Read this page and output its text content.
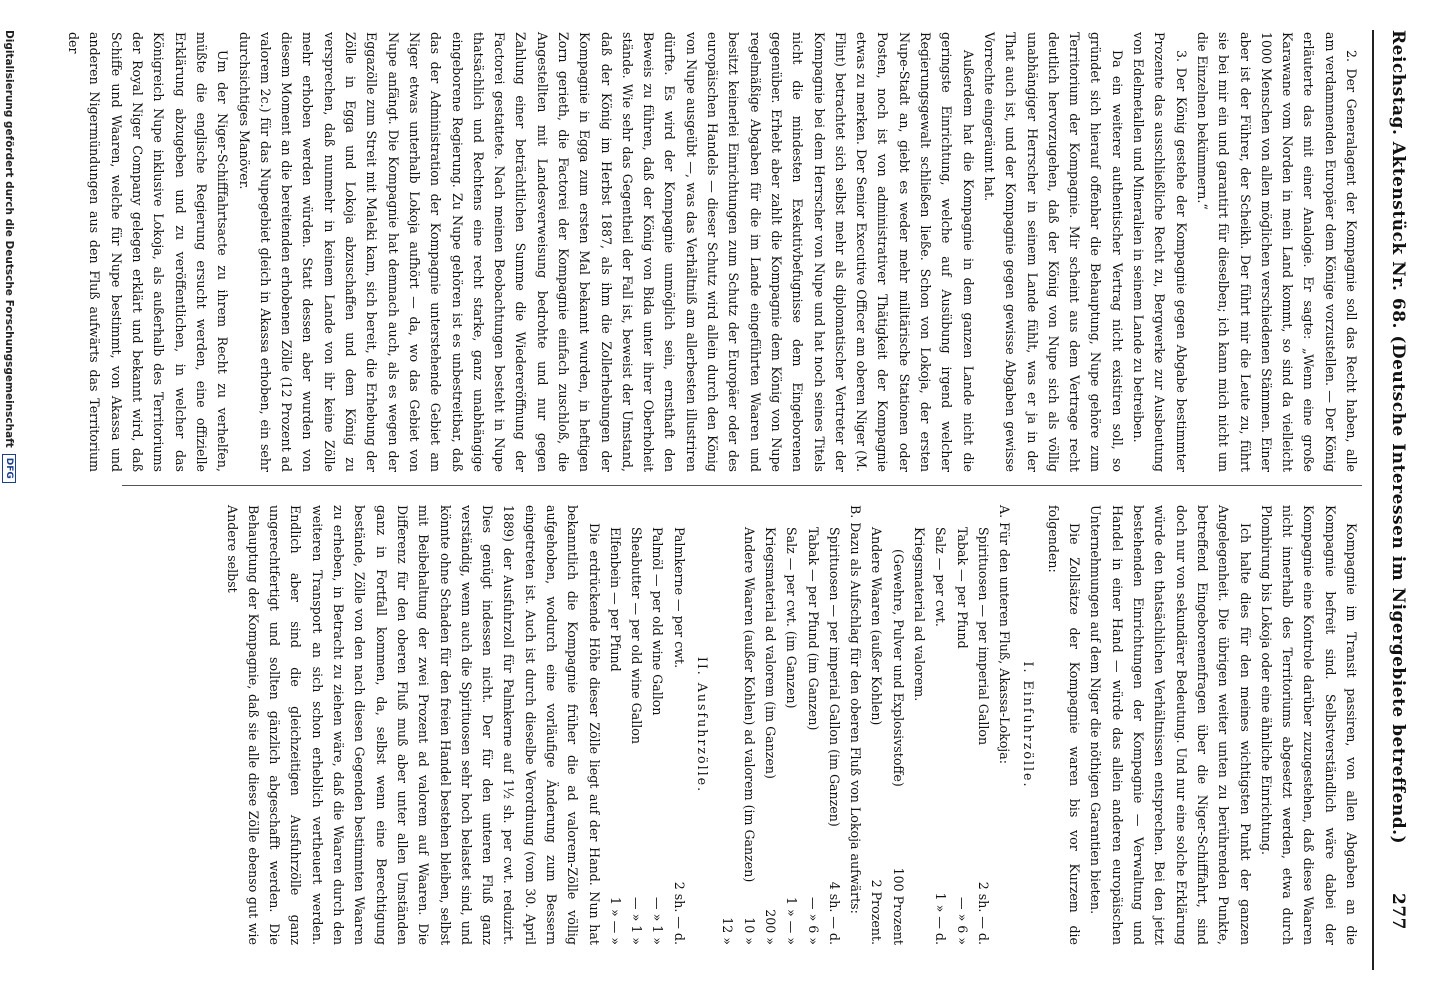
Reichstag. Aktenstück Nr. 68. (Deutsche Interessen im Nigergebiete betreffend.)
277

2. Der Generalagent der Kompagnie soll das Recht haben, alle am verdammenden Europäer dem Könige vorzustellen. — Der König erläuterte das mit einer Analogie. Er sagte: „Wenn eine große Karawane vom Norden in mein Land kommt, so sind da vielleicht 1000 Menschen von allen möglichen verschiedenen Stämmen. Einer aber ist der Führer, der Scheikh. Der führt mir die Leute zu, führt sie bei mir ein und garantirt für dieselben; ich kann mich nicht um die Einzelnen bekümmern.“

3. Der König gestehe der Kompagnie gegen Abgabe bestimmter Prozente das ausschließliche Recht zu, Bergwerke zur Ausbeutung von Edelmetallen und Mineralien in seinem Lande zu betreiben.

Da ein weiterer authentischer Vertrag nicht existiren soll, so gründet sich hierauf offenbar die Behauptung, Nupe gehöre zum Territorium der Kompagnie. Mir scheint aus dem Vertrage recht deutlich hervorzugehen, daß der König von Nupe sich als völlig unabhängiger Herrscher in seinem Lande fühlt, was er ja in der That auch ist, und der Kompagnie gegen gewisse Abgaben gewisse Vorrechte eingeräumt hat.

Außerdem hat die Kompagnie in dem ganzen Lande nicht die geringste Einrichtung, welche auf Ausübung irgend welcher Regierungsgewalt schließen ließe. Schon von Lokoja, der ersten Nupe-Stadt an, giebt es weder mehr militärische Stationen oder Posten, noch ist von administrativer Thätigkeit der Kompagnie etwas zu merken. Der Senior Executive Officer am oberen Niger (M. Flint) betrachtet sich selbst mehr als diplomatischer Vertreter der Kompagnie bei dem Herrscher von Nupe und hat noch seines Titels nicht die mindesten Exekutivbefugnisse dem Eingeborenen gegenüber. Erhebt aber zahlt die Kompagnie dem König von Nupe regelmäßige Abgaben für die im Lande eingeführten Waaren und besitzt keinerlei Einrichtungen zum Schutz der Europäer oder des europäischen Handels — dieser Schutz wird allein durch den König von Nupe ausgeübt —, was das Verhältniß am allerbesten illustriren dürfte. Es wird der Kompagnie unmöglich sein, ernsthaft den Beweis zu führen, daß der König von Bida unter ihrer Oberhoheit stände. Wie sehr das Gegentheil der Fall ist, beweist der Umstand, daß der König im Herbst 1887, als ihm die Zollerhebungen der Kompagnie in Egga zum ersten Mal bekannt wurden, in heftigen Zorn gerieth, die Factorei der Kompagnie einfach zuschloß, die Angestellten mit Landesverweisung bedrohte und nur gegen Zahlung einer beträchtlichen Summe die Wiedereröffnung der Factorei gestattete. Nach meinen Beobachtungen besteht in Nupe thatsächlich und Rechtens eine recht starke, ganz unabhängige eingeborene Regierung. Zu Nupe gehören ist es unbestreitbar, daß das der Administration der Kompagnie unterstehende Gebiet am Niger etwas unterhalb Lokoja aufhört — da, wo das Gebiet von Nupe anfängt. Die Kompagnie hat demnach auch, als es wegen der Eggazölle zum Streit mit Maleki kam, sich bereit, die Erhebung der Zölle in Egga und Lokoja abzuschaffen und dem König zu versprechen, daß nunmehr in keinem Lande von ihr keine Zölle mehr erhoben werden würden. Statt dessen aber wurden von diesem Moment an die bereitenden erhobenen Zölle (12 Prozent ad valorem 2c.) für das Nupegebiet gleich in Akassa erhoben, ein sehr durchsichtiges Manöver.

Um der Niger-Schifffahrtsacte zu ihrem Recht zu verhelfen, müßte die englische Regierung ersucht werden, eine offizielle Erklärung abzugeben und zu veröffentlichen, in welcher das Königreich Nupe inklusive Lokoja, als außerhalb des Territoriums der Royal Niger Company gelegen erklärt und bekannt wird, daß Schiffe und Waaren, welche für Nupe bestimmt, von Akassa und anderen Nigermündungen aus den Fluß aufwärts das Territorium der

Kompagnie im Transit passiren, von allen Abgaben an die Kompagnie befreit sind. Selbstverständlich wäre dabei der Kompagnie eine Kontrole darüber zuzugestehen, daß diese Waaren nicht innerhalb des Territoriums abgesetzt werden, etwa durch Plombirung bis Lokoja oder eine ähnliche Einrichtung.

Ich halte dies für den meines wichtigsten Punkt der ganzen Angelegenheit. Die übrigen weiter unten zu berührenden Punkte, betreffend Eingeborenenfragen über die Niger-Schifffahrt, sind doch nur von sekundärer Bedeutung. Und nur eine solche Erklärung würde den thatsächlichen Verhältnissen entsprechen. Bei den jetzt bestehenden Einrichtungen der Kompagnie — Verwaltung und Handel in einer Hand — würde das allein anderen europäischen Unternehmungen auf dem Niger die nöthigen Garantien bieten.

Die Zollsätze der Kompagnie waren bis vor Kurzem die folgenden:

I. Einfuhrzölle.

A. Für den unteren Fluß, Akassa-Lokoja:

Spirituosen — per imperial Gallon
2 sh. — d.
Tabak — per Pfund
— » 6 »
Salz — per cwt.
1 » — d.
Kriegsmaterial ad valorem.
(Gewehre, Pulver und Explosivstoffe)
100 Prozent
Andere Waaren (außer Kohlen)
2 Prozent.

B. Dazu als Aufschlag für den oberen Fluß von Lokoja aufwärts:

Spirituosen — per imperial Gallon (im Ganzen)
4 sh. — d.
Tabak — per Pfund (im Ganzen)
— » 6 »
Salz — per cwt. (im Ganzen)
1 » — »
Kriegsmaterial ad valorem (im Ganzen)
200 »
Andere Waaren (außer Kohlen) ad valorem (im Ganzen)
10 »
12 »
II. Ausfuhrzölle.
Palmkerne — per cwt.
2 sh. — d.
Palmöl — per old wine Gallon
— » 1 »
Sheabutter — per old wine Gallon
— » 1 »
Elfenbein — per Pfund
1 » — »

Die erdrückende Höhe dieser Zölle liegt auf der Hand. Nun hat bekanntlich die Kompagnie früher die ad valorem-Zölle völlig aufgehoben, wodurch eine vorläufige Änderung zum Bessern eingetreten ist. Auch ist durch dieselbe Verordnung (vom 30. April 1889) der Ausfuhrzoll für Palmkerne auf 1½ sh. per cwt. reduzirt. Dies genügt indessen nicht. Der für den unteren Fluß ganz verständig, wenn auch die Spirituosen sehr hoch belastet sind, und könnte ohne Schaden für den freien Handel bestehen bleiben, selbst mit Beibehaltung der zwei Prozent ad valorem auf Waaren. Die Differenz für den oberen Fluß muß aber unter allen Umständen ganz in Fortfall kommen, da, selbst wenn eine Berechtigung bestände, Zölle von den nach diesen Gegenden bestimmten Waaren zu erheben, in Betracht zu ziehen wäre, daß die Waaren durch den weiteren Transport an sich schon erheblich vertheuert werden. Endlich aber sind die gleichzeitigen Ausfuhrzölle ganz ungerechtfertigt und sollten gänzlich abgeschafft werden. Die Behauptung der Kompagnie, daß sie alle diese Zölle ebenso gut wie Andere selbst

Digitalisierung gefördert durch die Deutsche Forschungsgemeinschaft
DFG
